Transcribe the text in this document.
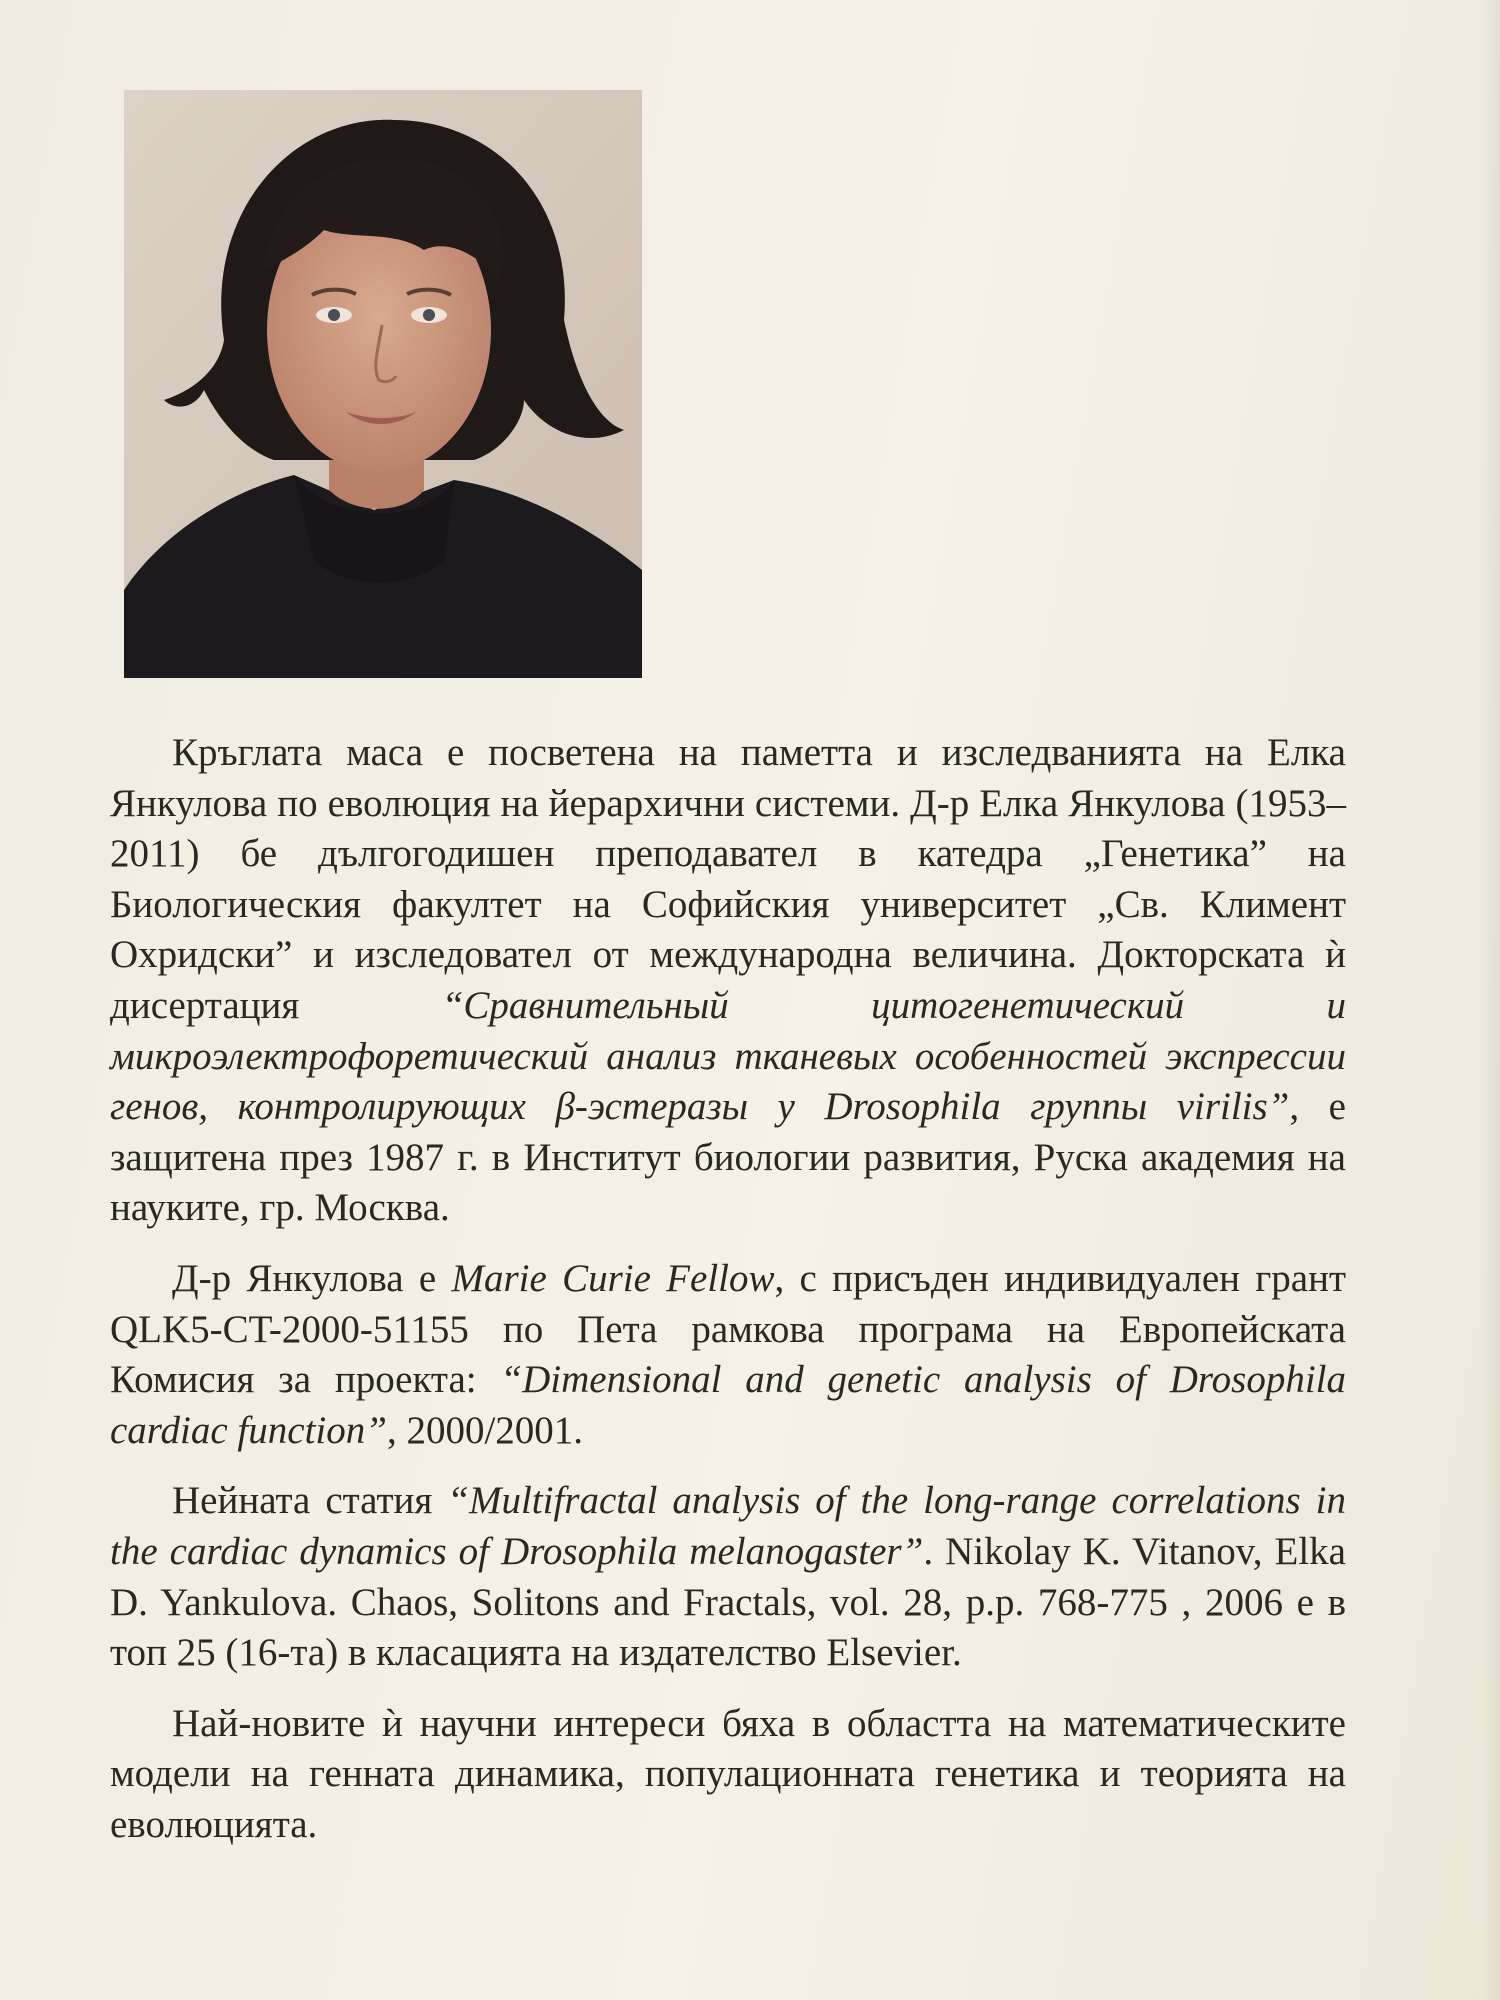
Кръглата маса е посветена на паметта и изследванията на Елка Янкулова по еволюция на йерархични системи. Д-р Елка Янкулова (1953–2011) бе дългогодишен преподавател в катедра „Генетика” на Биологическия факултет на Софийския университет „Св. Климент Охридски” и изследовател от международна величина. Докторската ѝ дисертация “Сравнительный цитогенетический и микроэлектрофоретический анализ тканевых особенностей экспрессии генов, контролирующих β-эстеразы у Drosophila группы virilis”, е защитена през 1987 г. в Институт биологии развития, Руска академия на науките, гр. Москва.

Д-р Янкулова е Marie Curie Fellow, с присъден индивидуален грант QLK5-CT-2000-51155 по Пета рамкова програма на Европейската Комисия за проекта: “Dimensional and genetic analysis of Drosophila cardiac function”, 2000/2001.

Нейната статия “Multifractal analysis of the long-range correlations in the cardiac dynamics of Drosophila melanogaster”. Nikolay K. Vitanov, Elka D. Yankulova. Chaos, Solitons and Fractals, vol. 28, p.p. 768-775 , 2006 е в топ 25 (16-та) в класацията на издателство Elsevier.

Най-новите ѝ научни интереси бяха в областта на математическите модели на генната динамика, популационната генетика и теорията на еволюцията.
